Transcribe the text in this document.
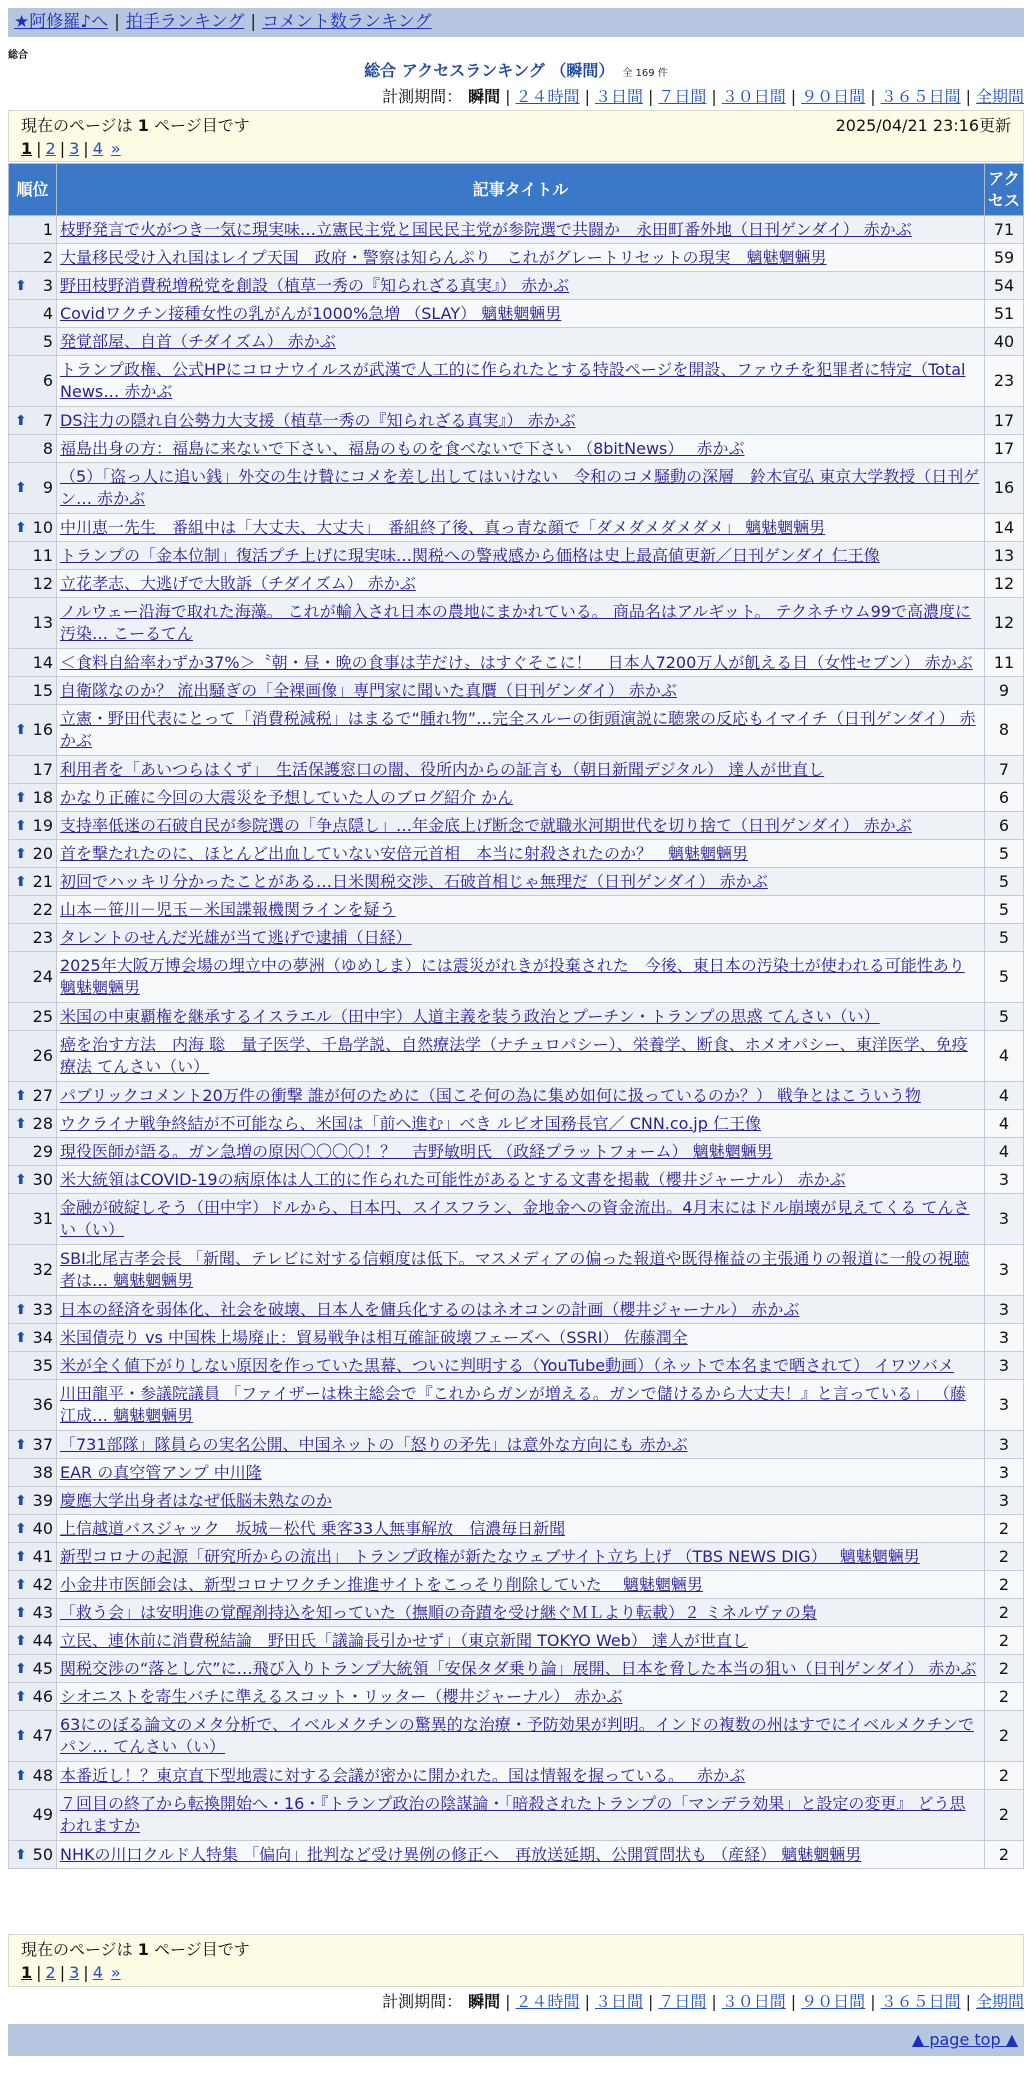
★阿修羅♪へ | 拍手ランキング | コメント数ランキング
総合
総合 アクセスランキング （瞬間） 全 169 件
計測期間： 瞬間 | ２４時間 | ３日間 | ７日間 | ３０日間 | ９０日間 | ３６５日間 | 全期間
現在のページは 1 ページ目です	2025/04/21 23:16更新
1 | 2 | 3 | 4 »
順位	記事タイトル	アクセス
1	枝野発言で火がつき一気に現実味…立憲民主党と国民民主党が参院選で共闘か　永田町番外地（日刊ゲンダイ） 赤かぶ	71
2	大量移民受け入れ国はレイプ天国　政府・警察は知らんぷり　これがグレートリセットの現実　魑魅魍魎男	59

⬆ 3	野田枝野消費税増税党を創設（植草一秀の『知られざる真実』） 赤かぶ	54
4	Covidワクチン接種女性の乳がんが1000%急増 （SLAY） 魑魅魍魎男	51
5	発覚部屋、自首（チダイズム） 赤かぶ	40
6	トランプ政権、公式HPにコロナウイルスが武漢で人工的に作られたとする特設ページを開設、ファウチを犯罪者に特定（Total News… 赤かぶ	23

⬆ 7	DS注力の隠れ自公勢力大支援（植草一秀の『知られざる真実』） 赤かぶ	17
8	福島出身の方：福島に来ないで下さい、福島のものを食べないで下さい （8bitNews）　 赤かぶ	17

⬆ 9	（5）「盗っ人に追い銭」外交の生け贄にコメを差し出してはいけない　令和のコメ騒動の深層　鈴木宣弘 東京大学教授（日刊ゲン… 赤かぶ	16

⬆ 10	中川恵一先生　番組中は「大丈夫、大丈夫」　番組終了後、真っ青な顔で「ダメダメダメダメ」 魑魅魍魎男	14
11	トランプの「金本位制」復活プチ上げに現実味…関税への警戒感から価格は史上最高値更新／日刊ゲンダイ 仁王像	13
12	立花孝志、大逃げで大敗訴（チダイズム） 赤かぶ	12
13	ノルウェー沿海で取れた海藻。 これが輸入され日本の農地にまかれている。 商品名はアルギット。 テクネチウム99で高濃度に汚染… こーるてん	12
14	＜食料自給率わずか37%＞〝朝・昼・晩の食事は芋だけ〟はすぐそこに！　日本人7200万人が飢える日（女性セブン） 赤かぶ	11
15	自衛隊なのか？ 流出騒ぎの「全裸画像」専門家に聞いた真贋（日刊ゲンダイ） 赤かぶ	9

⬆ 16	立憲・野田代表にとって「消費税減税」はまるで“腫れ物”…完全スルーの街頭演説に聴衆の反応もイマイチ（日刊ゲンダイ） 赤かぶ	8
17	利用者を「あいつらはくず」　生活保護窓口の闇、役所内からの証言も（朝日新聞デジタル） 達人が世直し	7

⬆ 18	かなり正確に今回の大震災を予想していた人のブログ紹介 かん	6

⬆ 19	支持率低迷の石破自民が参院選の「争点隠し」…年金底上げ断念で就職氷河期世代を切り捨て（日刊ゲンダイ） 赤かぶ	6

⬆ 20	首を撃たれたのに、ほとんど出血していない安倍元首相　本当に射殺されたのか？　魑魅魍魎男	5

⬆ 21	初回でハッキリ分かったことがある…日米関税交渉、石破首相じゃ無理だ（日刊ゲンダイ） 赤かぶ	5
22	山本－笹川－児玉－米国諜報機関ラインを疑う	5
23	タレントのせんだ光雄が当て逃げで逮捕（日経）	5
24	2025年大阪万博会場の埋立中の夢洲（ゆめしま）には震災がれきが投棄された　今後、東日本の汚染土が使われる可能性あり 魑魅魍魎男	5
25	米国の中東覇権を継承するイスラエル（田中宇）人道主義を装う政治とプーチン・トランプの思惑 てんさい（い）	5
26	癌を治す方法　内海 聡　量子医学、千島学説、自然療法学（ナチュロパシー）、栄養学、断食、ホメオパシー、東洋医学、免疫療法 てんさい（い）	4

⬆ 27	パブリックコメント20万件の衝撃 誰が何のために（国こそ何の為に集め如何に扱っているのか？） 戦争とはこういう物	4

⬆ 28	ウクライナ戦争終結が不可能なら、米国は「前へ進む」べき ルビオ国務長官／ CNN.co.jp 仁王像	4
29	現役医師が語る。ガン急増の原因〇〇〇〇！？　吉野敏明氏 （政経プラットフォーム） 魑魅魍魎男	4

⬆ 30	米大統領はCOVID-19の病原体は人工的に作られた可能性があるとする文書を掲載（櫻井ジャーナル） 赤かぶ	3
31	金融が破綻しそう（田中宇）ドルから、日本円、スイスフラン、金地金への資金流出。4月末にはドル崩壊が見えてくる てんさい（い）	3
32	SBI北尾吉孝会長 「新聞、テレビに対する信頼度は低下。マスメディアの偏った報道や既得権益の主張通りの報道に一般の視聴者は… 魑魅魍魎男	3

⬆ 33	日本の経済を弱体化、社会を破壊、日本人を傭兵化するのはネオコンの計画（櫻井ジャーナル） 赤かぶ	3

⬆ 34	米国債売り vs 中国株上場廃止：貿易戦争は相互確証破壊フェーズへ（SSRI） 佐藤潤全	3
35	米が全く値下がりしない原因を作っていた黒幕、ついに判明する（YouTube動画）（ネットで本名まで晒されて） イワツバメ	3
36	川田龍平・参議院議員 「ファイザーは株主総会で『これからガンが増える。ガンで儲けるから大丈夫！』と言っている」 （藤江成… 魑魅魍魎男	3

⬆ 37	「731部隊」隊員らの実名公開、中国ネットの「怒りの矛先」は意外な方向にも 赤かぶ	3
38	EAR の真空管アンプ 中川隆	3

⬆ 39	慶應大学出身者はなぜ低脳未熟なのか	3

⬆ 40	上信越道バスジャック　坂城－松代 乗客33人無事解放　信濃毎日新聞	2

⬆ 41	新型コロナの起源「研究所からの流出」 トランプ政権が新たなウェブサイト立ち上げ （TBS NEWS DIG）　 魑魅魍魎男	2

⬆ 42	小金井市医師会は、新型コロナワクチン推進サイトをこっそり削除していた　 魑魅魍魎男	2

⬆ 43	「救う会」は安明進の覚醒剤持込を知っていた（撫順の奇蹟を受け継ぐＭＬより転載）２ ミネルヴァの梟	2

⬆ 44	立民、連休前に消費税結論　野田氏「議論長引かせず」（東京新聞 TOKYO Web） 達人が世直し	2

⬆ 45	関税交渉の“落とし穴”に…飛び入りトランプ大統領「安保タダ乗り論」展開、日本を脅した本当の狙い（日刊ゲンダイ） 赤かぶ	2

⬆ 46	シオニストを寄生バチに準えるスコット・リッター（櫻井ジャーナル） 赤かぶ	2

⬆ 47	63にのぼる論文のメタ分析で、イベルメクチンの驚異的な治療・予防効果が判明。インドの複数の州はすでにイベルメクチンでパン… てんさい（い）	2

⬆ 48	本番近し！？東京直下型地震に対する会議が密かに開かれた。国は情報を握っている。　 赤かぶ	2
49	７回目の終了から転換開始へ・16・『トランプ政治の陰謀論・「暗殺されたトランプの「マンデラ効果」と設定の変更』 どう思われますか	2

⬆ 50	NHKの川口クルド人特集 「偏向」批判など受け異例の修正へ　再放送延期、公開質問状も （産経） 魑魅魍魎男	2
現在のページは 1 ページ目です
1 | 2 | 3 | 4 »
計測期間： 瞬間 | ２４時間 | ３日間 | ７日間 | ３０日間 | ９０日間 | ３６５日間 | 全期間
▲ page top ▲
